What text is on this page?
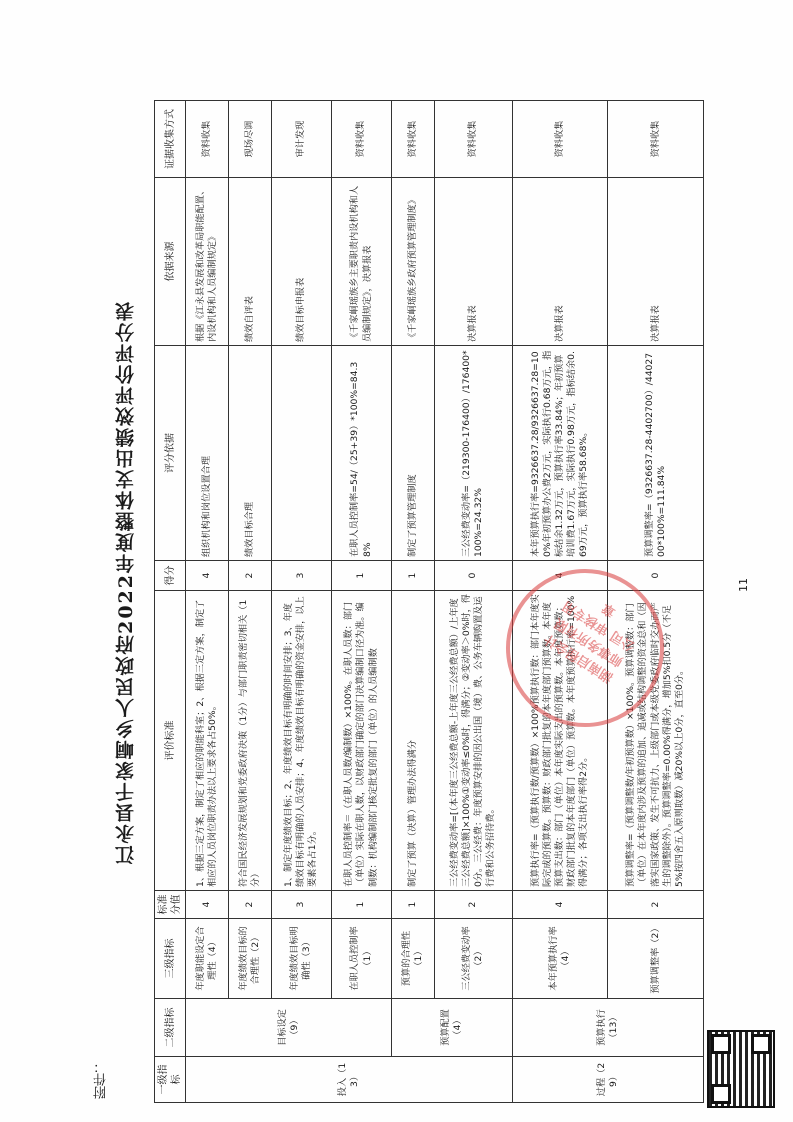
附件：
江永县千家峒乡人民政府2022年度整体支出绩效评价评分表	11
一级指标	二级指标	三级指标	标准分值	评价标准	得分	评分依据	依据来源	证据收集方式
投入（13）	目标设定（9）	年度职能设定合理性（4）	4	1、根据三定方案，制定了相应的职能科室；2、根据三定方案，制定了相应的人员岗位职责办法以上要求各占50%。	4	组织机构和岗位设置合理	根据《江永县发展和改革局职能配置、内设机构和人员编制规定》	资料收集
		年度绩效目标的合理性（2）	2	符合国民经济发展规划和党委政府决策（1分）与部门职责密切相关（1分）	2	绩效目标合理	绩效自评表	现场尽调
		年度绩效目标明确性（3）	3	1、制定年度绩效目标；2、年度绩效目标有明确的时间安排；3、年度绩效目标有明确的人员安排；4、年度绩效目标有明确的资金安排，以上要素各占1分。	3		绩效目标申报表	审计发现
		在职人员控制率（1）	1	在职人员控制率＝（在职人员数/编制数）×100%。在职人员数：部门（单位）实际在职人数，以财政部门确定的部门决算编制口径为准。编制数：机构编制部门核定批复的部门（单位）的人员编制数	1	在职人员控制率=54/（25+39）*100%=84.38%	《千家峒瑶族乡主要职责内设机构和人员编制规定》，决算报表	资料收集
	预算配置（4）	预算的合理性（1）	1	制定了预算（决算）管理办法得满分	1	制定了预算管理制度	《千家峒瑶族乡政府预算管理制度》	资料收集
		三公经费变动率（2）	2	三公经费变动率=[（本年度三公经费总额-上年度三公经费总额）/上年度三公经费总额]×100%①变动率≤0%时，得满分；②变动率＞0%时，得0分。三公经费：年度预算安排的因公出国（境）费、公务车辆购置及运行费和公务招待费。	0	三公经费变动率=（219300-176400）/176400*100%=24.32%	决算报表	资料收集
过程（29）	预算执行（13）	本年预算执行率（4）	4	预算执行率=（预算执行数/预算数）×100%预算执行数：部门本年度实际完成的预算数。预算数：财政部门批复的本年度部门预算数。本年度预算支出数：部门（单位）本年度实际支出的预算数。本年度预算数：财政部门批复的本年度部门（单位）预算数。本年度预算执行率=100%得满分；各项支出执行率得2分。	4	本年预算执行率=9326637.28/9326637.28=100%年初预算办公费2万元，实际执行0.68万元，指标结余1.32万元，预算执行率33.84%；年初预算培训费1.67万元，实际执行0.98万元，指标结余0.69万元，预算执行率58.68%。	决算报表	资料收集
		预算调整率（2）	2	预算调整率=（预算调整数/年初预算数）×100%。预算调整数：部门（单位）在本年度内涉及预算的追加、追减或结构调整的资金总和（因落实国家政策、发生不可抗力、上级部门或本级党委政府临时交办而产生的调整除外）。预算调整率=0.00%得满分，增加5%扣0.5分（不足5%按四舍五入原则取数）减20%以上0分，直至0分。	0	预算调整率=（9326637.28-4402700）/4402700*100%=111.84%	决算报表	资料收集
湖南启程会计师事务所有限公司 审核专用章
